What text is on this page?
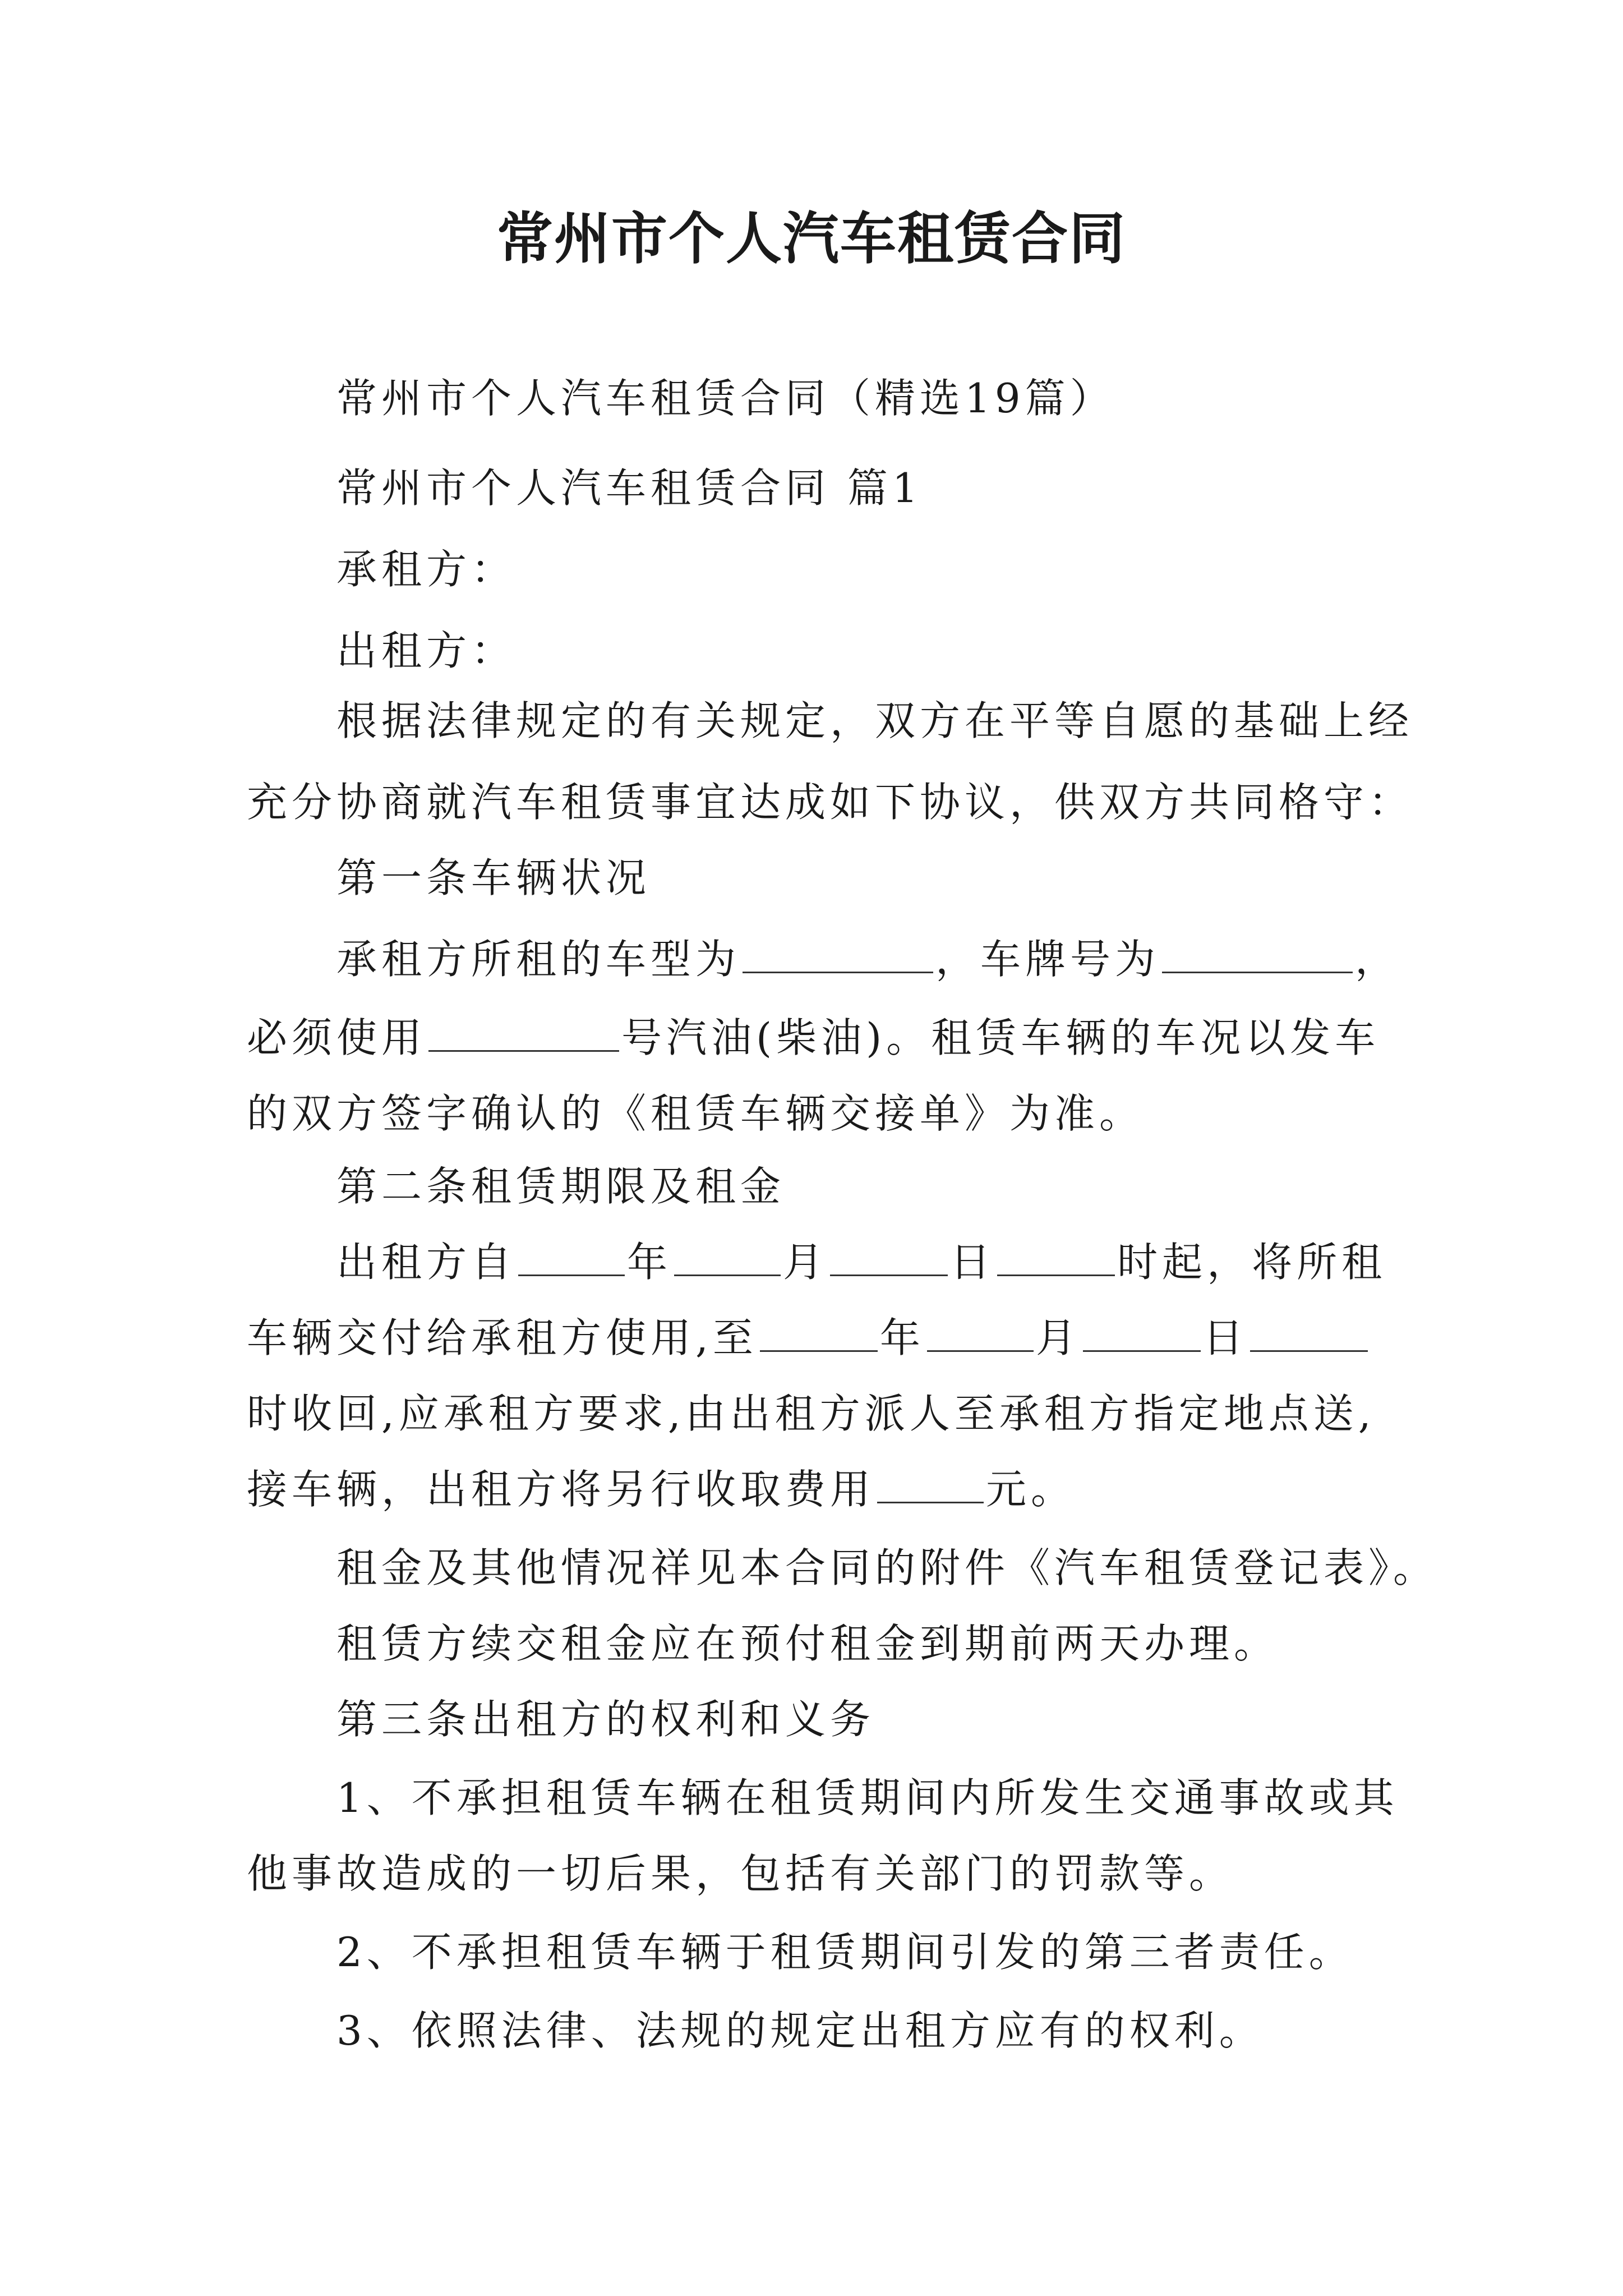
常州市个人汽车租赁合同
常州市个人汽车租赁合同（精选19篇）
常州市个人汽车租赁合同 篇1
承租方：
出租方：
根据法律规定的有关规定，双方在平等自愿的基础上经
充分协商就汽车租赁事宜达成如下协议，供双方共同格守：
第一条车辆状况
承租方所租的车型为	，车牌号为	，
必须使用	号汽油(柴油)。租赁车辆的车况以发车
的双方签字确认的《租赁车辆交接单》为准。
第二条租赁期限及租金
出租方自	年	月	日	时起，将所租
车辆交付给承租方使用,至	年	月	日
时收回,应承租方要求,由出租方派人至承租方指定地点送,
接车辆，出租方将另行收取费用	元。
租金及其他情况祥见本合同的附件《汽车租赁登记表》。
租赁方续交租金应在预付租金到期前两天办理。
第三条出租方的权利和义务
1、不承担租赁车辆在租赁期间内所发生交通事故或其
他事故造成的一切后果，包括有关部门的罚款等。
2、不承担租赁车辆于租赁期间引发的第三者责任。
3、依照法律、法规的规定出租方应有的权利。
